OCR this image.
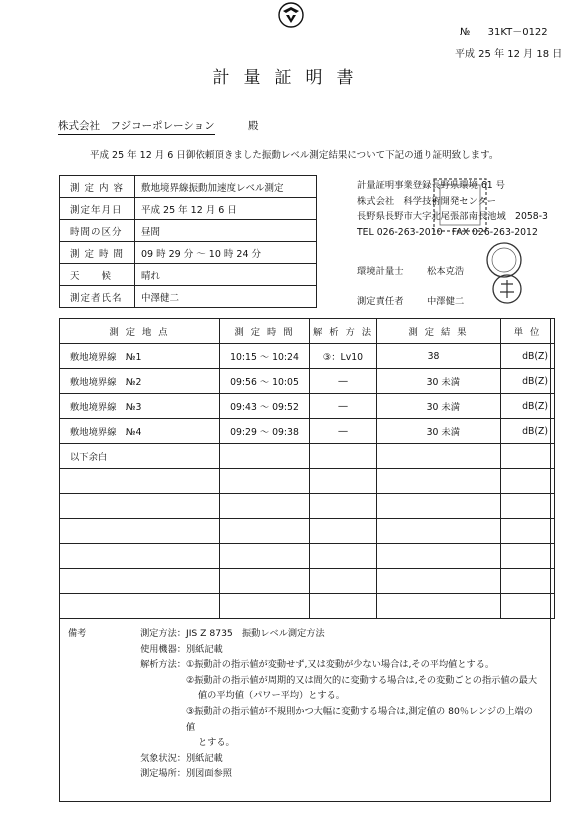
№ 31KT－0122
平成 25 年 12 月 18 日
計量証明書
株式会社　フジコーポレーション	殿
平成 25 年 12 月 6 日御依頼頂きました振動レベル測定結果について下記の通り証明致します。
測 定 内 容	敷地境界線振動加速度レベル測定
測定年月日	平成 25 年 12 月 6 日
時間の区分	昼間
測 定 時 間	09 時 29 分 ～ 10 時 24 分
天　　候	晴れ
測定者氏名	中澤健二
計量証明事業登録長野県環境 61 号
株式会社　科学技術開発センター
長野県長野市大字北尾張部南長池域　2058-3
TEL 026-263-2010　FAX 026-263-2012
環境計量士	松本克浩
測定責任者	中澤健二
測 定 地 点	測 定 時 間	解 析 方 法	測 定 結 果	単 位
敷地境界線　№1	10:15 ～ 10:24	③：Lv10	38	dB(Z)
敷地境界線　№2	09:56 ～ 10:05	―	30 未満	dB(Z)
敷地境界線　№3	09:43 ～ 09:52	―	30 未満	dB(Z)
敷地境界線　№4	09:29 ～ 09:38	―	30 未満	dB(Z)
以下余白				

備考	測定方法： JIS Z 8735　振動レベル測定方法
使用機器： 別紙記載
解析方法： ①振動計の指示値が変動せず,又は変動が少ない場合は,その平均値とする。
②振動計の指示値が周期的又は間欠的に変動する場合は,その変動ごとの指示値の最大
値の平均値（パワー平均）とする。
③振動計の指示値が不規則かつ大幅に変動する場合は,測定値の 80％レンジの上端の値
とする。
気象状況： 別紙記載
測定場所： 別図面参照
